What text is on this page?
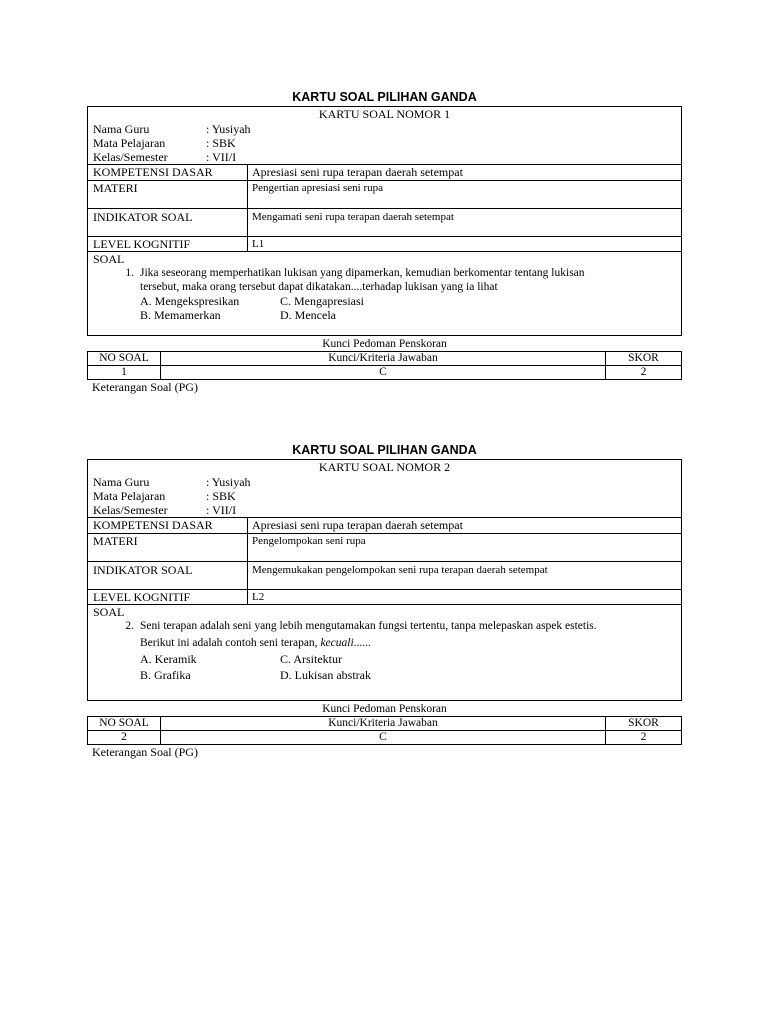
KARTU SOAL PILIHAN GANDA
KARTU SOAL NOMOR 1
Nama Guru	: Yusiyah
Mata Pelajaran	: SBK
Kelas/Semester	: VII/I
KOMPETENSI DASAR	Apresiasi seni rupa terapan daerah setempat
MATERI	Pengertian apresiasi seni rupa
INDIKATOR SOAL	Mengamati seni rupa terapan daerah setempat
LEVEL KOGNITIF	L1
SOAL
1. Jika seseorang memperhatikan lukisan yang dipamerkan, kemudian berkomentar tentang lukisan
tersebut, maka orang tersebut dapat dikatakan....terhadap lukisan yang ia lihat
A. Mengekspresikan	C. Mengapresiasi
B. Memamerkan	D. Mencela
Kunci Pedoman Penskoran
NO SOAL	Kunci/Kriteria Jawaban	SKOR
1	C	2
Keterangan Soal (PG)
KARTU SOAL PILIHAN GANDA
KARTU SOAL NOMOR 2
Nama Guru	: Yusiyah
Mata Pelajaran	: SBK
Kelas/Semester	: VII/I
KOMPETENSI DASAR	Apresiasi seni rupa terapan daerah setempat
MATERI	Pengelompokan seni rupa
INDIKATOR SOAL	Mengemukakan pengelompokan seni rupa terapan daerah setempat
LEVEL KOGNITIF	L2
SOAL
2. Seni terapan adalah seni yang lebih mengutamakan fungsi tertentu, tanpa melepaskan aspek estetis.
Berikut ini adalah contoh seni terapan, kecuali......
A. Keramik	C. Arsitektur
B. Grafika	D. Lukisan abstrak
Kunci Pedoman Penskoran
NO SOAL	Kunci/Kriteria Jawaban	SKOR
2	C	2
Keterangan Soal (PG)
